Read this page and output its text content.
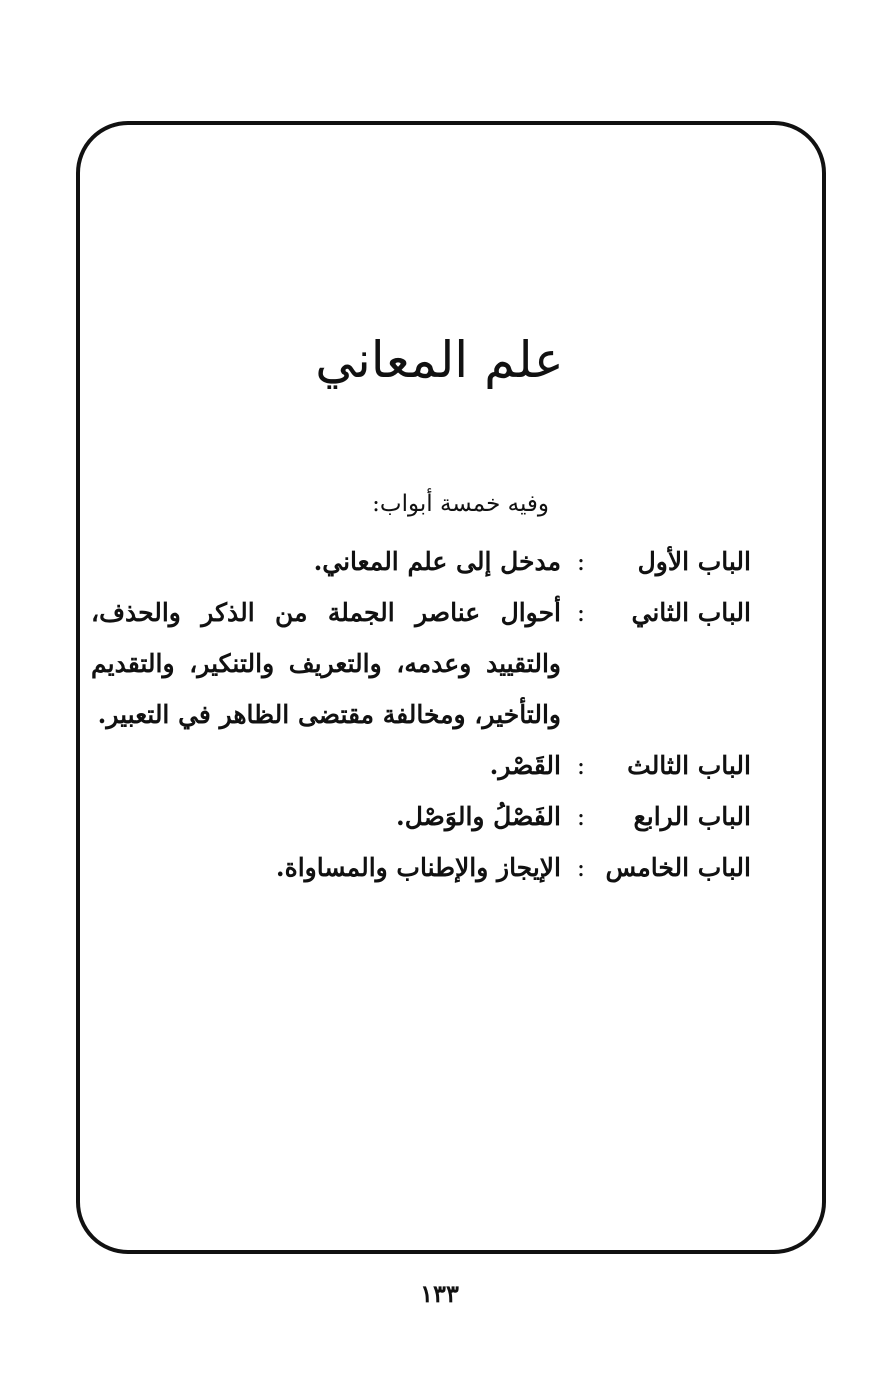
علم المعاني
وفيه خمسة أبواب:
الباب الأول
:
مدخل إلى علم المعاني.
الباب الثاني
:
أحوال عناصر الجملة من الذكر والحذف، والتقييد وعدمه، والتعريف والتنكير، والتقديم والتأخير، ومخالفة مقتضى الظاهر في التعبير.
الباب الثالث
:
القَصْر.
الباب الرابع
:
الفَصْلُ والوَصْل.
الباب الخامس
:
الإيجاز والإطناب والمساواة.
١٣٣
